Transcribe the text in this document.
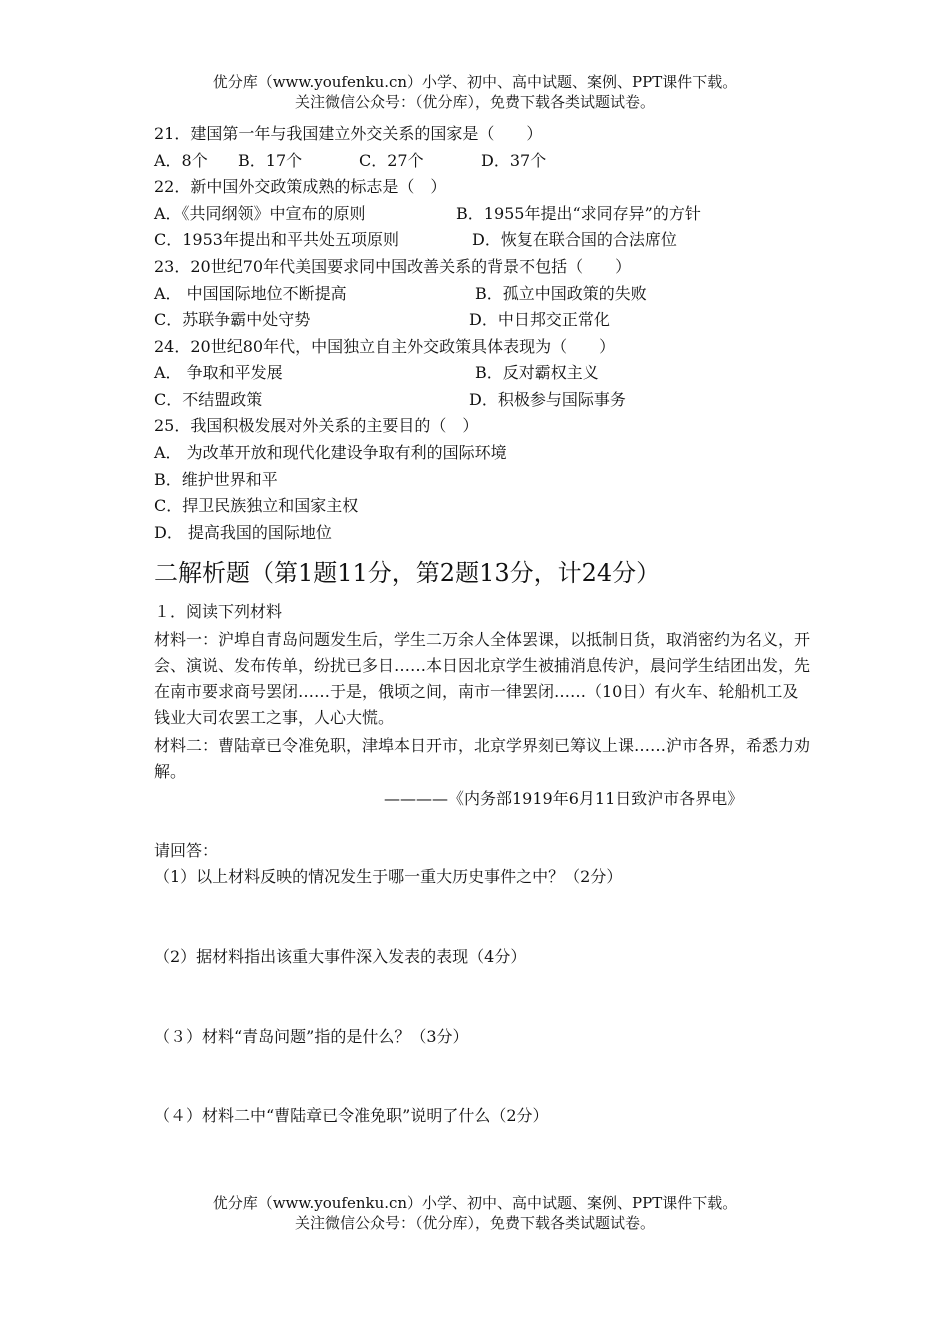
优分库（www.youfenku.cn）小学、初中、高中试题、案例、PPT课件下载。
关注微信公众号：（优分库），免费下载各类试题试卷。
21．建国第一年与我国建立外交关系的国家是（　　）
A．8个 B．17个	C．27个	D．37个
22．新中国外交政策成熟的标志是（　）
A．《共同纲领》中宣布的原则	B．1955年提出“求同存异”的方针
C．1953年提出和平共处五项原则	D．恢复在联合国的合法席位
23．20世纪70年代美国要求同中国改善关系的背景不包括（　　）
A． 中国国际地位不断提高	B．孤立中国政策的失败
C．苏联争霸中处守势	D．中日邦交正常化
24．20世纪80年代，中国独立自主外交政策具体表现为（　　）
A． 争取和平发展	B．反对霸权主义
C．不结盟政策	D．积极参与国际事务
25．我国积极发展对外关系的主要目的（　）
A． 为改革开放和现代化建设争取有利的国际环境
B．维护世界和平
C．捍卫民族独立和国家主权
D． 提高我国的国际地位
二解析题（第1题11分，第2题13分，计24分）
１．阅读下列材料
材料一：沪埠自青岛问题发生后，学生二万余人全体罢课，以抵制日货，取消密约为名义，开会、演说、发布传单，纷扰已多日……本日因北京学生被捕消息传沪，晨问学生结团出发，先在南市要求商号罢闭……于是，俄顷之间，南市一律罢闭……（10日）有火车、轮船机工及钱业大司农罢工之事，人心大慌。
材料二：曹陆章已令准免职，津埠本日开市，北京学界刻已筹议上课……沪市各界，希悉力劝解。
————《内务部1919年6月11日致沪市各界电》
请回答：
（1）以上材料反映的情况发生于哪一重大历史事件之中？（2分）
（2）据材料指出该重大事件深入发表的表现（4分）
（３）材料“青岛问题”指的是什么？（3分）
（４）材料二中“曹陆章已令准免职”说明了什么（2分）
优分库（www.youfenku.cn）小学、初中、高中试题、案例、PPT课件下载。
关注微信公众号：（优分库），免费下载各类试题试卷。
